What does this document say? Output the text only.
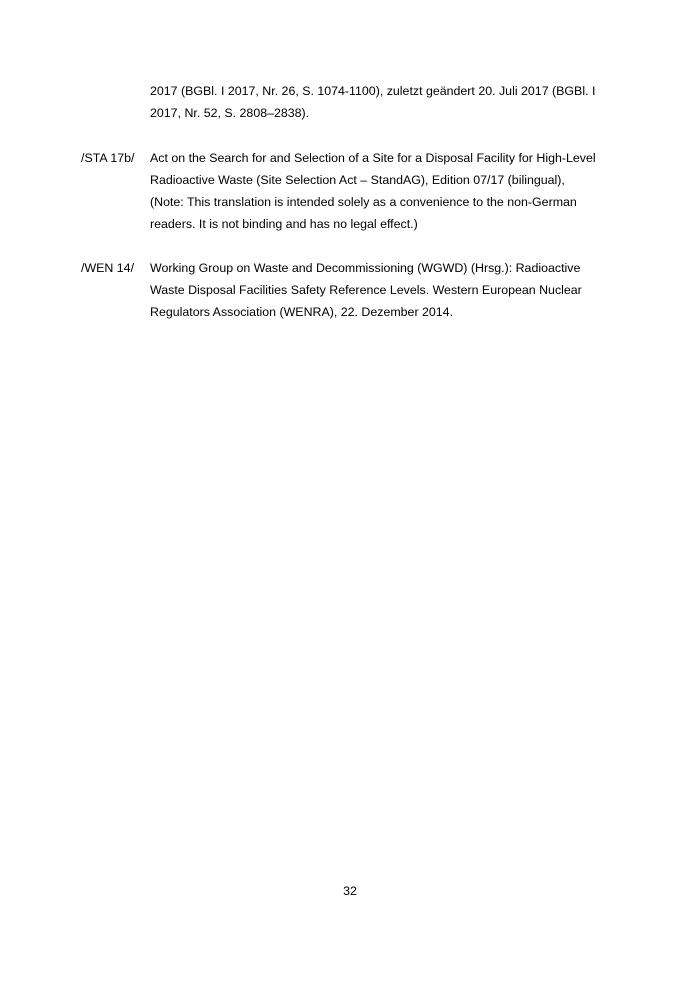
2017 (BGBl. I 2017, Nr. 26, S. 1074-1100), zuletzt geändert 20. Juli 2017 (BGBl. I
2017, Nr. 52, S. 2808–2838).
/STA 17b/	Act on the Search for and Selection of a Site for a Disposal Facility for High-Level
Radioactive Waste (Site Selection Act – StandAG), Edition 07/17 (bilingual),
(Note: This translation is intended solely as a convenience to the non-German
readers. It is not binding and has no legal effect.)
/WEN 14/	Working Group on Waste and Decommissioning (WGWD) (Hrsg.): Radioactive
Waste Disposal Facilities Safety Reference Levels. Western European Nuclear
Regulators Association (WENRA), 22. Dezember 2014.
32
